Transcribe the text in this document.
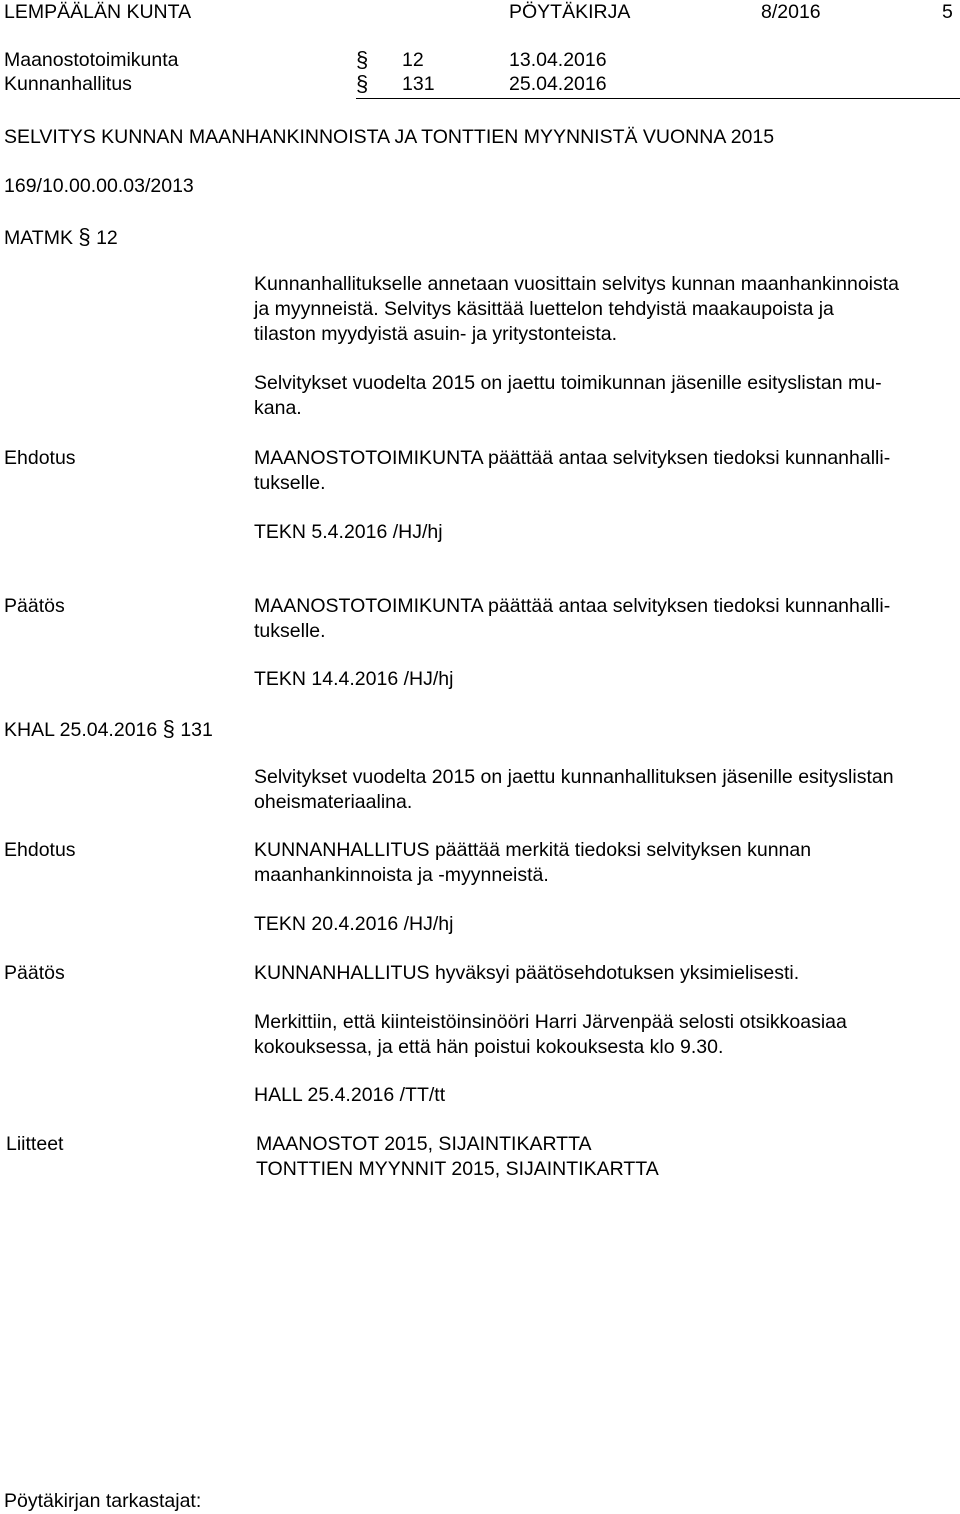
LEMPÄÄLÄN KUNTA	PÖYTÄKIRJA	8/2016	5
Maanostotoimikunta	§ 12	13.04.2016
Kunnanhallitus	§ 131	25.04.2016
SELVITYS KUNNAN MAANHANKINNOISTA JA TONTTIEN MYYNNISTÄ VUONNA 2015
169/10.00.00.03/2013
MATMK § 12

Kunnanhallitukselle annetaan vuosittain selvitys kunnan maanhankinnoista

ja myynneistä. Selvitys käsittää luettelon tehdyistä maakaupoista ja

tilaston myydyistä asuin- ja yritystonteista.

Selvitykset vuodelta 2015 on jaettu toimikunnan jäsenille esityslistan mu-

kana.

Ehdotus	MAANOSTOTOIMIKUNTA päättää antaa selvityksen tiedoksi kunnanhalli-

tukselle.

TEKN 5.4.2016 /HJ/hj
Päätös	MAANOSTOTOIMIKUNTA päättää antaa selvityksen tiedoksi kunnanhalli-

tukselle.

TEKN 14.4.2016 /HJ/hj
KHAL 25.04.2016 § 131

Selvitykset vuodelta 2015 on jaettu kunnanhallituksen jäsenille esityslistan

oheismateriaalina.

Ehdotus	KUNNANHALLITUS päättää merkitä tiedoksi selvityksen kunnan

maanhankinnoista ja -myynneistä.

TEKN 20.4.2016 /HJ/hj
Päätös	KUNNANHALLITUS hyväksyi päätösehdotuksen yksimielisesti.

Merkittiin, että kiinteistöinsinööri Harri Järvenpää selosti otsikkoasiaa

kokouksessa, ja että hän poistui kokouksesta klo 9.30.

HALL 25.4.2016 /TT/tt
Liitteet	MAANOSTOT 2015, SIJAINTIKARTTA
TONTTIEN MYYNNIT 2015, SIJAINTIKARTTA
Pöytäkirjan tarkastajat:
